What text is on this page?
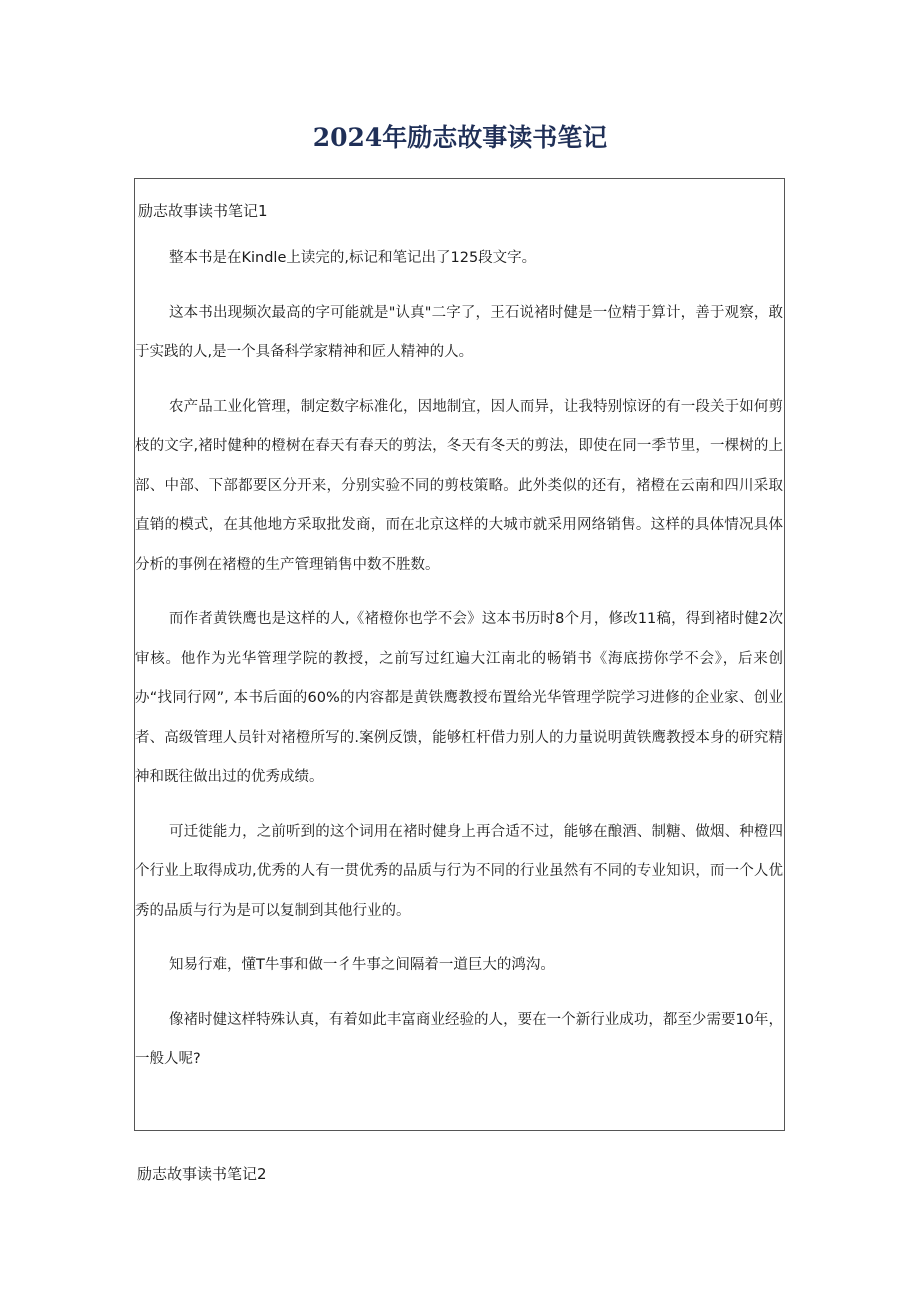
2024年励志故事读书笔记
励志故事读书笔记1

整本书是在Kindle上读完的,标记和笔记出了125段文字。

这本书出现频次最高的字可能就是"认真"二字了，王石说褚时健是一位精于算计，善于观察，敢于实践的人,是一个具备科学家精神和匠人精神的人。

农产品工业化管理，制定数字标准化，因地制宜，因人而异，让我特别惊讶的有一段关于如何剪枝的文字,褚时健种的橙树在春天有春天的剪法，冬天有冬天的剪法，即使在同一季节里，一棵树的上部、中部、下部都要区分开来，分别实验不同的剪枝策略。此外类似的还有，褚橙在云南和四川采取直销的模式，在其他地方采取批发商，而在北京这样的大城市就采用网络销售。这样的具体情况具体分析的事例在褚橙的生产管理销售中数不胜数。

而作者黄铁鹰也是这样的人,《褚橙你也学不会》这本书历时8个月，修改11稿，得到褚时健2次审核。他作为光华管理学院的教授，之前写过红遍大江南北的畅销书《海底捞你学不会》，后来创办“找同行网”, 本书后面的60%的内容都是黄铁鹰教授布置给光华管理学院学习进修的企业家、创业者、高级管理人员针对褚橙所写的.案例反馈，能够杠杆借力别人的力量说明黄铁鹰教授本身的研究精神和既往做出过的优秀成绩。

可迁徙能力，之前听到的这个词用在褚时健身上再合适不过，能够在酿酒、制糖、做烟、种橙四个行业上取得成功,优秀的人有一贯优秀的品质与行为不同的行业虽然有不同的专业知识，而一个人优秀的品质与行为是可以复制到其他行业的。

知易行难，懂T牛事和做一彳牛事之间隔着一道巨大的鸿沟。

像褚时健这样特殊认真，有着如此丰富商业经验的人，要在一个新行业成功，都至少需要10年，一般人呢?

励志故事读书笔记2
